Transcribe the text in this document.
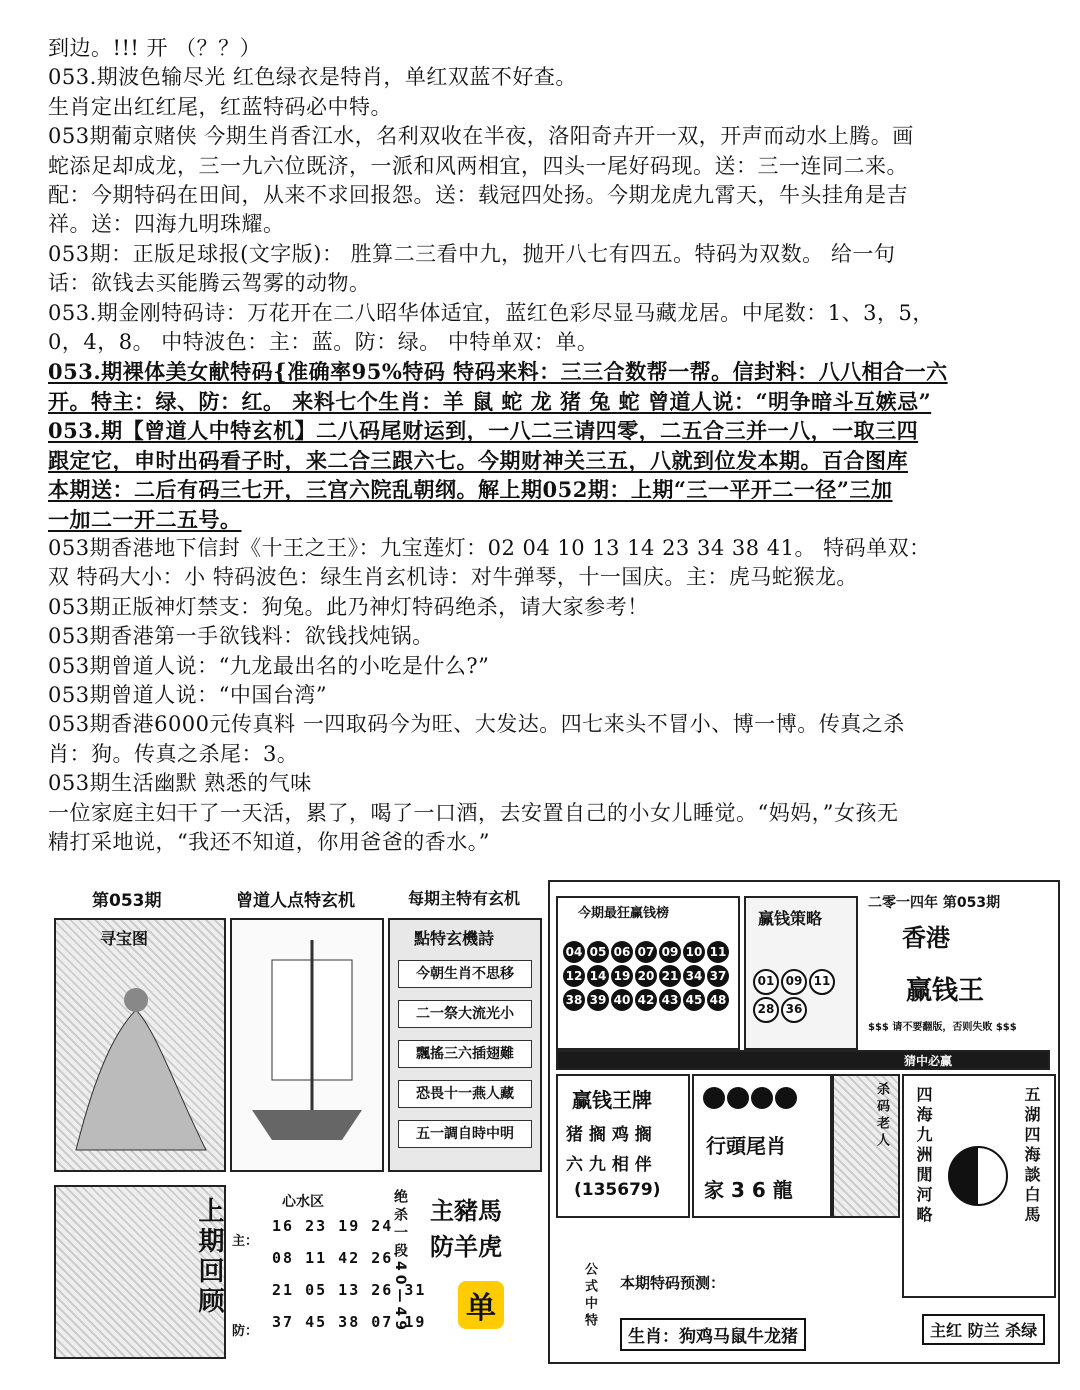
到边。!!! 开 （？？）
053.期波色输尽光 红色绿衣是特肖，单红双蓝不好查。
生肖定出红红尾，红蓝特码必中特。
053期葡京赌侠 今期生肖香江水，名利双收在半夜，洛阳奇卉开一双，开声而动水上腾。画
蛇添足却成龙，三一九六位既济，一派和风两相宜，四头一尾好码现。送：三一连同二来。
配：今期特码在田间，从来不求回报怨。送：载冠四处扬。今期龙虎九霄天，牛头挂角是吉
祥。送：四海九明珠耀。
053期：正版足球报(文字版)： 胜算二三看中九，抛开八七有四五。特码为双数。 给一句
话：欲钱去买能腾云驾雾的动物。
053.期金刚特码诗：万花开在二八昭华体适宜，蓝红色彩尽显马藏龙居。中尾数：1、3，5，
0，4，8。 中特波色：主：蓝。防：绿。 中特单双：单。
053.期裸体美女献特码{准确率95%特码 特码来料：三三合数帮一帮。信封料：八八相合一六
开。特主：绿、防：红。 来料七个生肖：羊 鼠 蛇 龙 猪 兔 蛇 曾道人说：“明争暗斗互嫉忌”
053.期【曾道人中特玄机】二八码尾财运到，一八二三请四零，二五合三并一八，一取三四
跟定它，申时出码看子时，来二合三跟六七。今期财神关三五，八就到位发本期。百合图库
本期送：二后有码三七开，三宫六院乱朝纲。解上期052期：上期“三一平开二一径”三加
一加二一开二五号。
053期香港地下信封《十王之王》：九宝莲灯：02 04 10 13 14 23 34 38 41。 特码单双：
双 特码大小：小 特码波色：绿生肖玄机诗：对牛弹琴，十一国庆。主：虎马蛇猴龙。
053期正版神灯禁支：狗兔。此乃神灯特码绝杀，请大家参考！
053期香港第一手欲钱料：欲钱找炖锅。
053期曾道人说：“九龙最出名的小吃是什么?”
053期曾道人说：“中国台湾”
053期香港6000元传真料 一四取码今为旺、大发达。四七来头不冒小、博一博。传真之杀
肖：狗。传真之杀尾：3。
053期生活幽默 熟悉的气味
一位家庭主妇干了一天活，累了，喝了一口酒，去安置自己的小女儿睡觉。“妈妈，”女孩无
精打采地说，“我还不知道，你用爸爸的香水。”
第053期	曾道人点特玄机	每期主特有玄机
寻宝图	點特玄機詩
今朝生肖不思移
二一祭大流光小
飄搖三六插翅難
恐畏十一燕人藏
五一調自時中明
上期回顾	心水区
主：
防：
16 23 19 24
08 11 42 26
21 05 13 26 31
37 45 38 07 19
绝杀一段40—49 主豬馬
防羊虎
单
今期最狂赢钱榜
04 05 06 07 09 10 1112 14 19 20 21 34 3738 39 40 42 43 45 48
赢钱策略
01 09 1128 36
二零一四年 第053期
香港
赢钱王
$$$ 请不要翻版，否则失败 $$$
猜中必赢
赢钱王牌
猪 搁 鸡 搁
六 九 相 伴
(135679)
行頭尾肖
家 3 6 龍
杀码老人 四海九洲閒河略	五湖四海談白馬
公式中特 本期特码预测：
生肖：狗鸡马鼠牛龙猪	主红 防兰 杀绿
